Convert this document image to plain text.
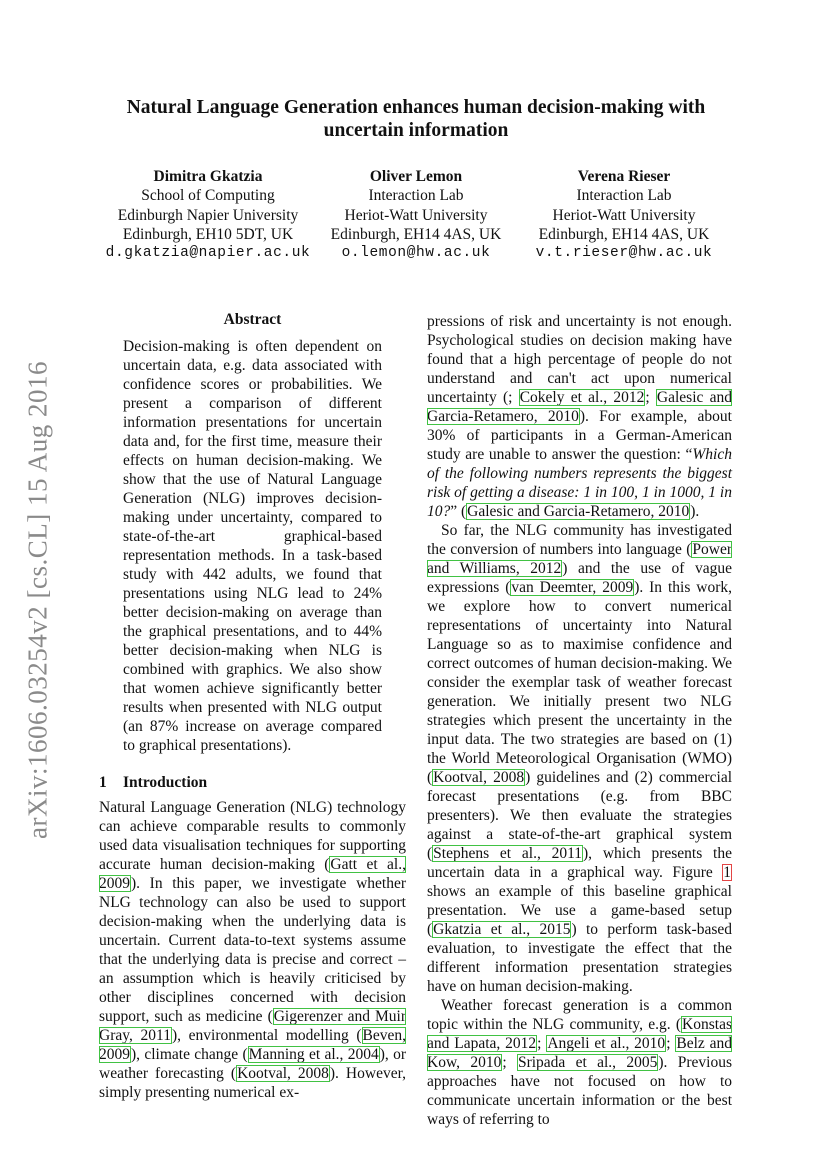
arXiv:1606.03254v2 [cs.CL] 15 Aug 2016
Natural Language Generation enhances human decision-making with uncertain information
Dimitra Gkatzia
School of Computing
Edinburgh Napier University
Edinburgh, EH10 5DT, UK
d.gkatzia@napier.ac.uk
Oliver Lemon
Interaction Lab
Heriot-Watt University
Edinburgh, EH14 4AS, UK
o.lemon@hw.ac.uk
Verena Rieser
Interaction Lab
Heriot-Watt University
Edinburgh, EH14 4AS, UK
v.t.rieser@hw.ac.uk
Abstract

Decision-making is often dependent on uncertain data, e.g. data associated with confidence scores or probabilities. We present a comparison of different information presentations for uncertain data and, for the first time, measure their effects on human decision-making. We show that the use of Natural Language Generation (NLG) improves decision-making under uncertainty, compared to state-of-the-art graphical-based representation methods. In a task-based study with 442 adults, we found that presentations using NLG lead to 24% better decision-making on average than the graphical presentations, and to 44% better decision-making when NLG is combined with graphics. We also show that women achieve significantly better results when presented with NLG output (an 87% increase on average compared to graphical presentations).

1 Introduction

Natural Language Generation (NLG) technology can achieve comparable results to commonly used data visualisation techniques for supporting accurate human decision-making (Gatt et al., 2009). In this paper, we investigate whether NLG technology can also be used to support decision-making when the underlying data is uncertain. Current data-to-text systems assume that the underlying data is precise and correct – an assumption which is heavily criticised by other disciplines concerned with decision support, such as medicine (Gigerenzer and Muir Gray, 2011), environmental modelling (Beven, 2009), climate change (Manning et al., 2004), or weather forecasting (Kootval, 2008). However, simply presenting numerical ex-

pressions of risk and uncertainty is not enough. Psychological studies on decision making have found that a high percentage of people do not understand and can't act upon numerical uncertainty (; Cokely et al., 2012; Galesic and Garcia-Retamero, 2010). For example, about 30% of participants in a German-American study are unable to answer the question: “Which of the following numbers represents the biggest risk of getting a disease: 1 in 100, 1 in 1000, 1 in 10?” (Galesic and Garcia-Retamero, 2010).

So far, the NLG community has investigated the conversion of numbers into language (Power and Williams, 2012) and the use of vague expressions (van Deemter, 2009). In this work, we explore how to convert numerical representations of uncertainty into Natural Language so as to maximise confidence and correct outcomes of human decision-making. We consider the exemplar task of weather forecast generation. We initially present two NLG strategies which present the uncertainty in the input data. The two strategies are based on (1) the World Meteorological Organisation (WMO) (Kootval, 2008) guidelines and (2) commercial forecast presentations (e.g. from BBC presenters). We then evaluate the strategies against a state-of-the-art graphical system (Stephens et al., 2011), which presents the uncertain data in a graphical way. Figure 1 shows an example of this baseline graphical presentation. We use a game-based setup (Gkatzia et al., 2015) to perform task-based evaluation, to investigate the effect that the different information presentation strategies have on human decision-making.

Weather forecast generation is a common topic within the NLG community, e.g. (Konstas and Lapata, 2012; Angeli et al., 2010; Belz and Kow, 2010; Sripada et al., 2005). Previous approaches have not focused on how to communicate uncertain information or the best ways of referring to
